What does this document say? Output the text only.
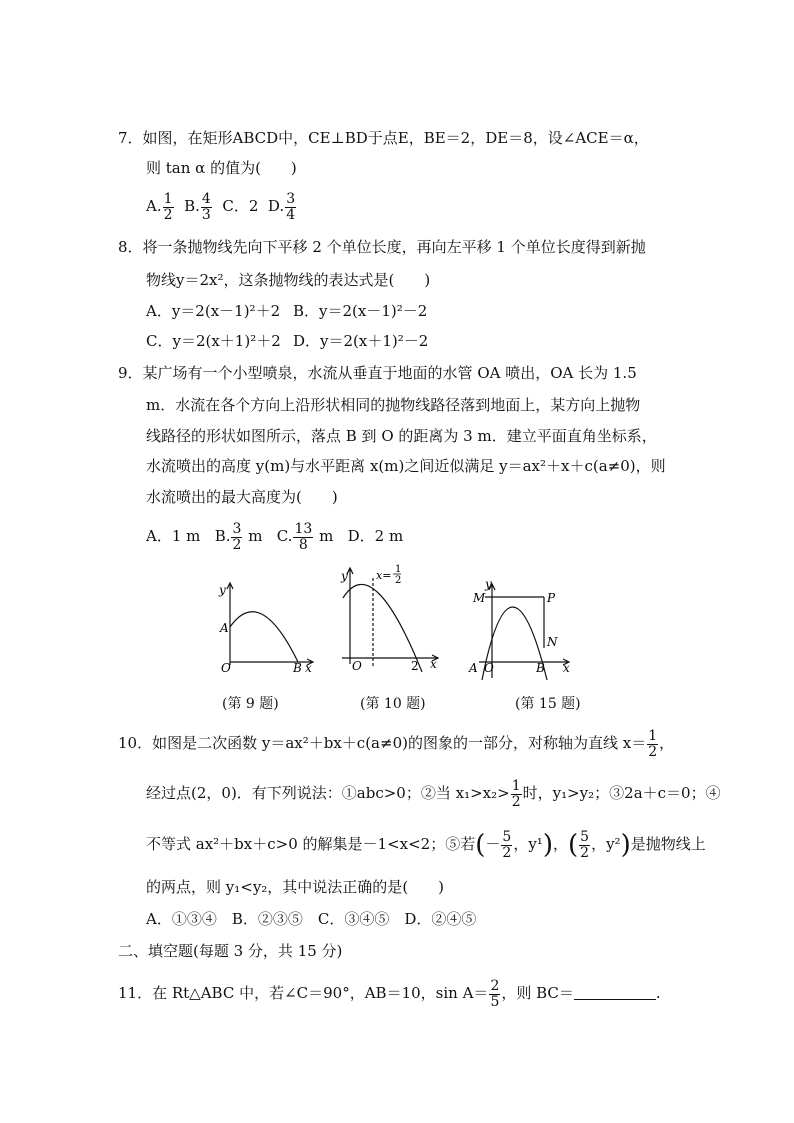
7．如图，在矩形ABCD中，CE⊥BD于点E，BE＝2，DE＝8，设∠ACE＝α，
则 tan α 的值为(　　)
A. $\frac{1}{2} B$. $\frac{4}{3}$ C．2 D. $\frac{3}{4}$
8．将一条抛物线先向下平移 2 个单位长度，再向左平移 1 个单位长度得到新抛
物线y＝2x²，这条抛物线的表达式是(　　)
A．y＝2(x－1)²＋2 B．y＝2(x－1)²－2
C．y＝2(x＋1)²＋2 D．y＝2(x＋1)²－2
9．某广场有一个小型喷泉，水流从垂直于地面的水管 OA 喷出，OA 长为 1.5
m．水流在各个方向上沿形状相同的抛物线路径落到地面上，某方向上抛物
线路径的形状如图所示，落点 B 到 O 的距离为 3 m．建立平面直角坐标系，
水流喷出的高度 y(m)与水平距离 x(m)之间近似满足 y＝ax²＋x＋c(a≠0)，则
水流喷出的最大高度为(　　)
A．1 m B. $\frac{3}{2}$ m C. $\frac{13}{8}$ m D．2 m
y
A
O	B x
(第 9 题)
y
O	2 x
x= 1
2
(第 10 题)
M
y
P
N
A O	B x
(第 15 题)
10．如图是二次函数 y＝ax²＋bx＋c(a≠0)的图象的一部分，对称轴为直线 $x= \frac{1}{2}$ ，
经过点(2，0)．有下列说法：①abc>0；②当 $x_1>x_2> \frac{1}{2}$ 时，y₁>y₂；③2a＋c＝0；④
不等式 ax²＋bx＋c>0 的解集是－1<x<2；⑤若(－ $\frac{5}{2}$ ，y¹)，( $\frac{5}{2}$ ，y²)是抛物线上
的两点，则 y₁<y₂，其中说法正确的是(　　)
A．①③④　B．②③⑤　C．③④⑤　D．②④⑤
二、填空题(每题 3 分，共 15 分)
11．在 Rt△ABC 中，若∠C＝90°，AB＝10，$\sin A= \frac{2}{5}$ ，则 BC＝	.
